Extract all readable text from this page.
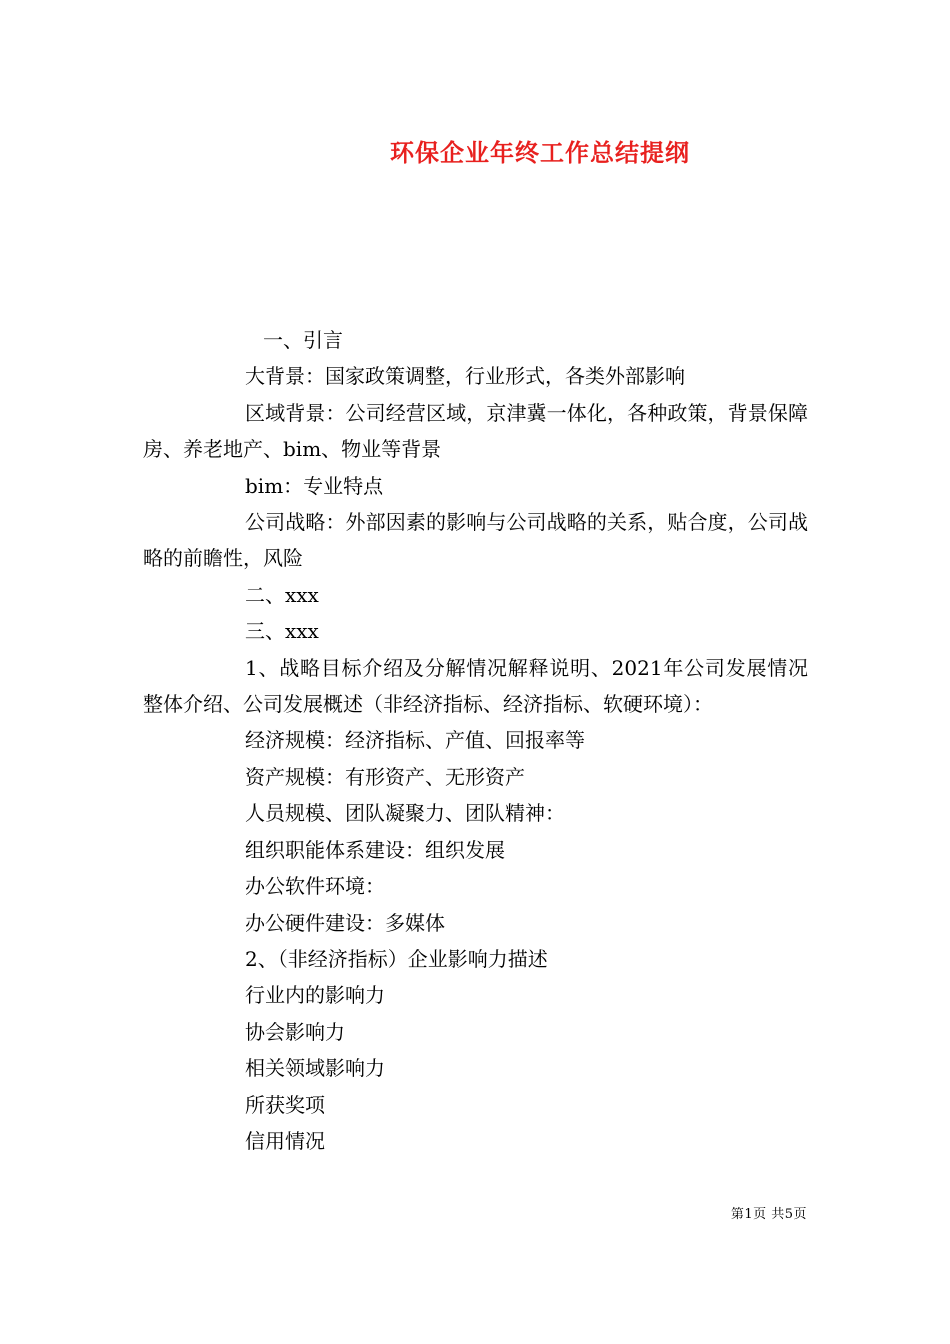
环保企业年终工作总结提纲

一、引言

大背景：国家政策调整，行业形式，各类外部影响

区域背景：公司经营区域，京津冀一体化，各种政策，背景保障房、养老地产、bim、物业等背景

bim：专业特点

公司战略：外部因素的影响与公司战略的关系，贴合度，公司战略的前瞻性，风险

二、xxx

三、xxx

1、战略目标介绍及分解情况解释说明、2021年公司发展情况整体介绍、公司发展概述（非经济指标、经济指标、软硬环境）：

经济规模：经济指标、产值、回报率等

资产规模：有形资产、无形资产

人员规模、团队凝聚力、团队精神：

组织职能体系建设：组织发展

办公软件环境：

办公硬件建设：多媒体

2、（非经济指标）企业影响力描述

行业内的影响力

协会影响力

相关领域影响力

所获奖项

信用情况

第1页 共5页
